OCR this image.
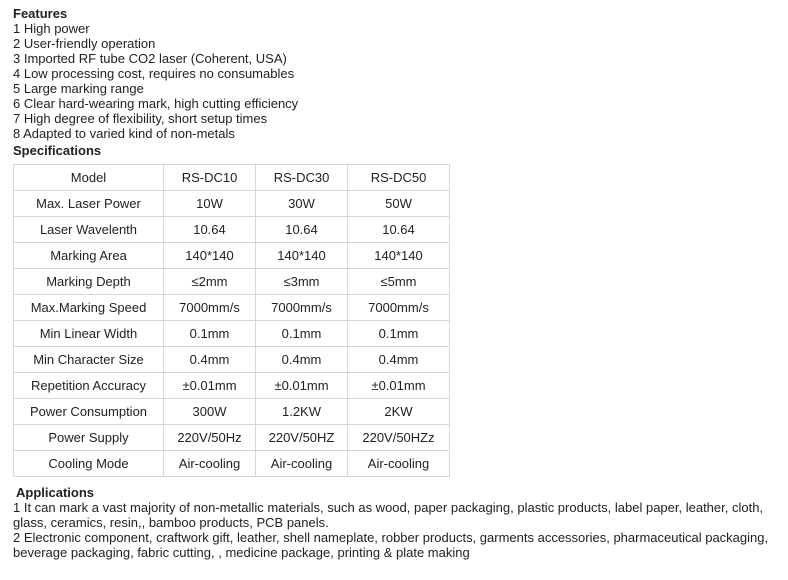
Features
1 High power
2 User-friendly operation
3 Imported RF tube CO2 laser (Coherent, USA)
4 Low processing cost, requires no consumables
5 Large marking range
6 Clear hard-wearing mark, high cutting efficiency
7 High degree of flexibility, short setup times
8 Adapted to varied kind of non-metals
Specifications
Model	RS-DC10	RS-DC30	RS-DC50
Max. Laser Power	10W	30W	50W
Laser Wavelenth	10.64	10.64	10.64
Marking Area	140*140	140*140	140*140
Marking Depth	≤2mm	≤3mm	≤5mm
Max.Marking Speed	7000mm/s	7000mm/s	7000mm/s
Min Linear Width	0.1mm	0.1mm	0.1mm
Min Character Size	0.4mm	0.4mm	0.4mm
Repetition Accuracy	±0.01mm	±0.01mm	±0.01mm
Power Consumption	300W	1.2KW	2KW
Power Supply	220V/50Hz	220V/50HZ	220V/50HZz
Cooling Mode	Air-cooling	Air-cooling	Air-cooling
Applications

1 It can mark a vast majority of non-metallic materials, such as wood, paper packaging, plastic products, label paper, leather, cloth, glass, ceramics, resin,, bamboo products, PCB panels.

2 Electronic component, craftwork gift, leather, shell nameplate, robber products, garments accessories, pharmaceutical packaging, beverage packaging, fabric cutting, , medicine package, printing & plate making
